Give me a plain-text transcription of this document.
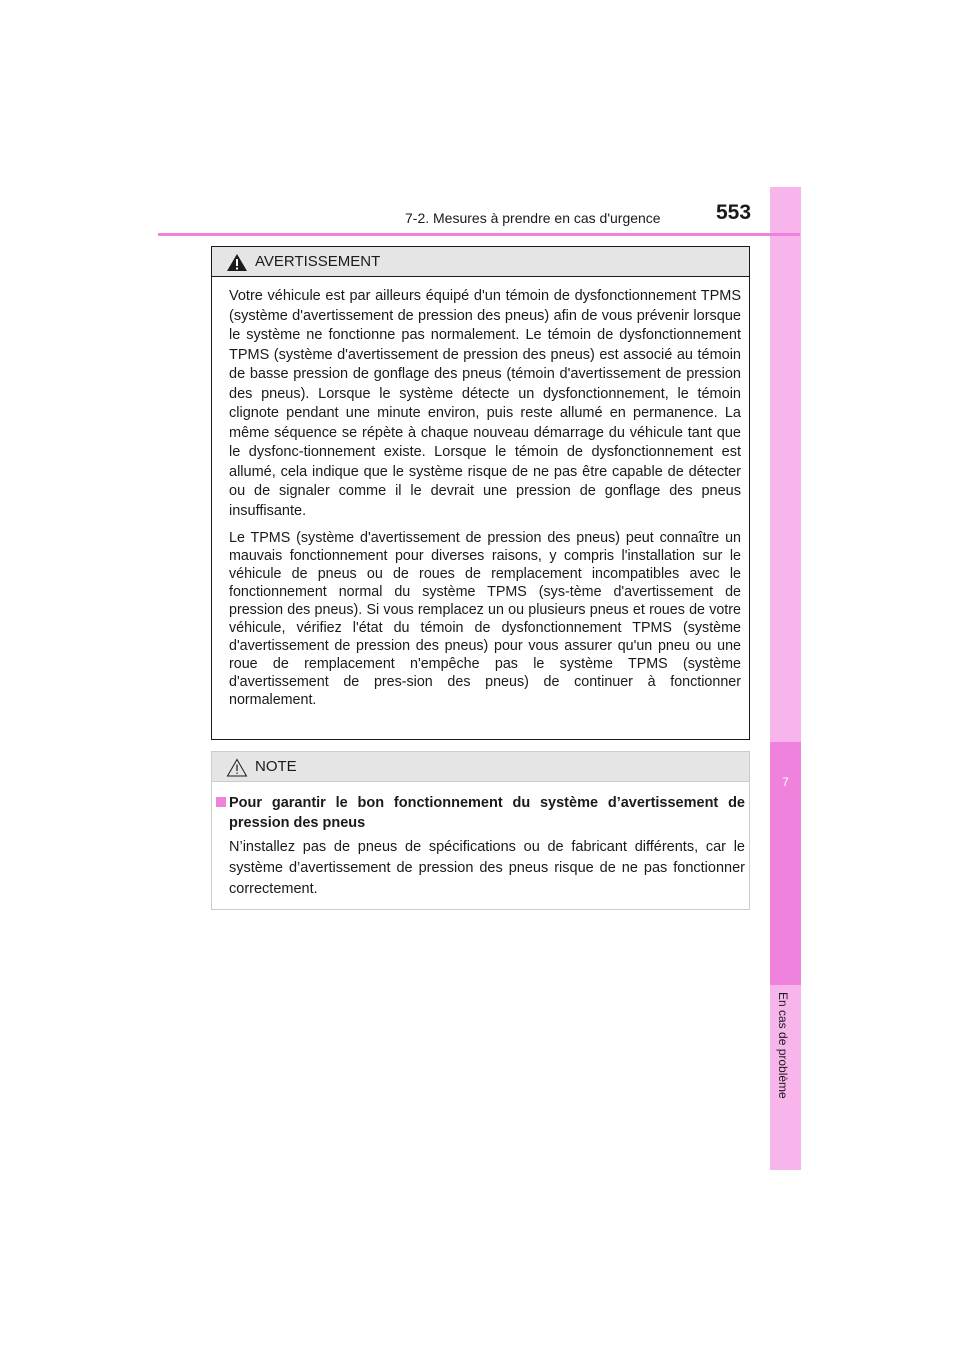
7
En cas de problème
7-2. Mesures à prendre en cas d'urgence	553
AVERTISSEMENT

Votre véhicule est par ailleurs équipé d'un témoin de dysfonctionnement TPMS (système d'avertissement de pression des pneus) afin de vous prévenir lorsque le système ne fonctionne pas normalement. Le témoin de dysfonctionnement TPMS (système d'avertissement de pression des pneus) est associé au témoin de basse pression de gonflage des pneus (témoin d'avertissement de pression des pneus). Lorsque le système détecte un dysfonctionnement, le témoin clignote pendant une minute environ, puis reste allumé en permanence. La même séquence se répète à chaque nouveau démarrage du véhicule tant que le dysfonc-tionnement existe. Lorsque le témoin de dysfonctionnement est allumé, cela indique que le système risque de ne pas être capable de détecter ou de signaler comme il le devrait une pression de gonflage des pneus insuffisante.

Le TPMS (système d'avertissement de pression des pneus) peut connaître un mauvais fonctionnement pour diverses raisons, y compris l'installation sur le véhicule de pneus ou de roues de remplacement incompatibles avec le fonctionnement normal du système TPMS (sys-tème d'avertissement de pression des pneus). Si vous remplacez un ou plusieurs pneus et roues de votre véhicule, vérifiez l'état du témoin de dysfonctionnement TPMS (système d'avertissement de pression des pneus) pour vous assurer qu'un pneu ou une roue de remplacement n'empêche pas le système TPMS (système d'avertissement de pres-sion des pneus) de continuer à fonctionner normalement.

NOTE

Pour garantir le bon fonctionnement du système d’avertissement de pression des pneus

N’installez pas de pneus de spécifications ou de fabricant différents, car le système d’avertissement de pression des pneus risque de ne pas fonctionner correctement.
